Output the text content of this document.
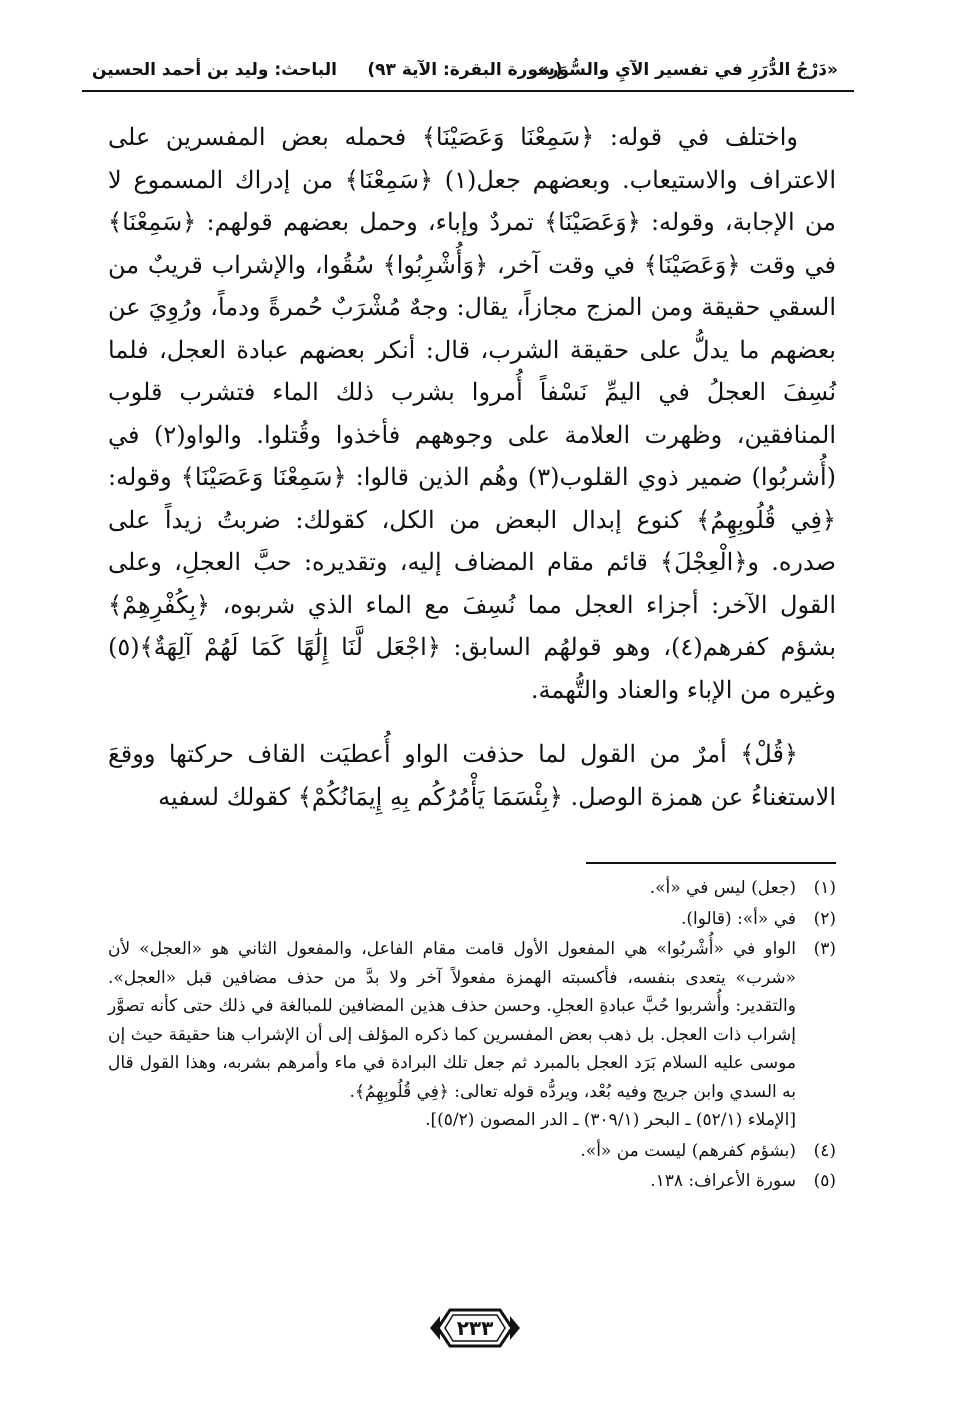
«دَرْجُ الدُّرَرِ في تفسير الآيِ والسُّوَر»
(سورة البقرة: الآية ٩٣)
الباحث: وليد بن أحمد الحسين

واختلف في قوله: ﴿سَمِعْنَا وَعَصَيْنَا﴾ فحمله بعض المفسرين على الاعتراف والاستيعاب. وبعضهم جعل(١) ﴿سَمِعْنَا﴾ من إدراك المسموع لا من الإجابة، وقوله: ﴿وَعَصَيْنَا﴾ تمردٌ وإباء، وحمل بعضهم قولهم: ﴿سَمِعْنَا﴾ في وقت ﴿وَعَصَيْنَا﴾ في وقت آخر، ﴿وَأُشْرِبُوا﴾ سُقُوا، والإشراب قريبٌ من السقي حقيقة ومن المزج مجازاً، يقال: وجهٌ مُشْرَبٌ حُمرةً ودماً، ورُوِيَ عن بعضهم ما يدلُّ على حقيقة الشرب، قال: أنكر بعضهم عبادة العجل، فلما نُسِفَ العجلُ في اليمِّ نَسْفاً أُمروا بشرب ذلك الماء فتشرب قلوب المنافقين، وظهرت العلامة على وجوههم فأخذوا وقُتلوا. والواو(٢) في (أُشربُوا) ضمير ذوي القلوب(٣) وهُم الذين قالوا: ﴿سَمِعْنَا وَعَصَيْنَا﴾ وقوله: ﴿فِي قُلُوبِهِمُ﴾ كنوع إبدال البعض من الكل، كقولك: ضربتُ زيداً على صدره. و﴿الْعِجْلَ﴾ قائم مقام المضاف إليه، وتقديره: حبَّ العجلِ، وعلى القول الآخر: أجزاء العجل مما نُسِفَ مع الماء الذي شربوه، ﴿بِكُفْرِهِمْ﴾ بشؤم كفرهم(٤)، وهو قولهُم السابق: ﴿اجْعَل لَّنَا إِلَٰهًا كَمَا لَهُمْ آلِهَةٌ﴾(٥) وغيره من الإباء والعناد والتُّهمة.

﴿قُلْ﴾ أمرٌ من القول لما حذفت الواو أُعطيَت القاف حركتها ووقعَ الاستغناءُ عن همزة الوصل. ﴿بِئْسَمَا يَأْمُرُكُم بِهِ إِيمَانُكُمْ﴾ كقولك لسفيه

(١)
(جعل) ليس في «أ».
(٢)
في «أ»: (قالوا).
(٣)
الواو في «أُشْربُوا» هي المفعول الأول قامت مقام الفاعل، والمفعول الثاني هو «العجل» لأن «شرب» يتعدى بنفسه، فأكسبته الهمزة مفعولاً آخر ولا بدَّ من حذف مضافين قبل «العجل». والتقدير: وأُشربوا حُبَّ عبادةِ العجلِ. وحسن حذف هذين المضافين للمبالغة في ذلك حتى كأنه تصوَّر إشراب ذات العجل. بل ذهب بعض المفسرين كما ذكره المؤلف إلى أن الإشراب هنا حقيقة حيث إن موسى عليه السلام بَرَد العجل بالمبرد ثم جعل تلك البرادة في ماء وأمرهم بشربه، وهذا القول قال به السدي وابن جريج وفيه بُعْد، ويردُّه قوله تعالى: ﴿فِي قُلُوبِهِمُ﴾.
[الإملاء (٥٢/١) ـ البحر (٣٠٩/١) ـ الدر المصون (٥/٢)].
(٤)
(بشؤم كفرهم) ليست من «أ».
(٥)
سورة الأعراف: ١٣٨.
٢٣٣
